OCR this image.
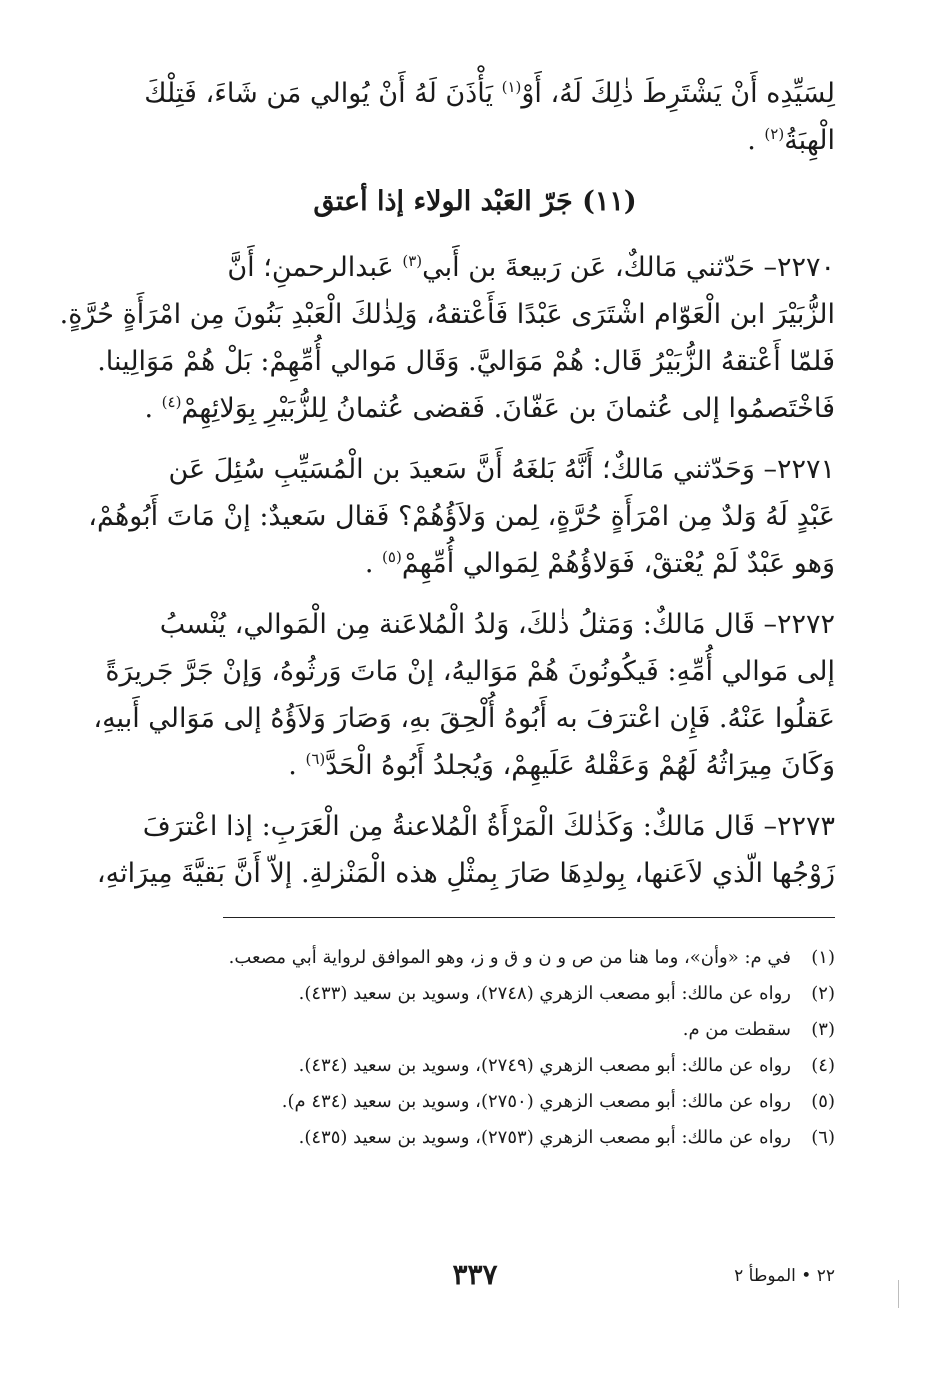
لِسَيِّدِه أَنْ يَشْتَرِطَ ذٰلِكَ لَهُ، أَوْ$^{(١)}$ يَأْذَنَ لَهُ أَنْ يُوالي مَن شَاءَ، فَتِلْكَ
الْهِبَةُ$^{(٢)}$ .

(١١) جَرّ العَبْد الولاء إذا أعتق

٢٢٧٠– حَدّثني مَالكٌ، عَن رَبيعةَ بن أَبي$^{(٣)}$ عَبدالرحمنِ؛ أَنَّ
الزُّبَيْرَ ابن الْعَوّام اشْتَرَى عَبْدًا فَأَعْتقهُ، وَلِذٰلكَ الْعَبْدِ بَنُونَ مِن امْرَأَةٍ حُرَّةٍ.
فَلمّا أَعْتقهُ الزُّبَيْرُ قَال: هُمْ مَوَاليَّ. وَقَال مَوالي أُمِّهِمْ: بَلْ هُمْ مَوَالِينا.
فَاخْتَصمُوا إلى عُثمانَ بن عَفّانَ. فَقضى عُثمانُ لِلزُّبَيْرِ بِوَلائِهِمْ$^{(٤)}$ .

٢٢٧١– وَحَدّثني مَالكٌ؛ أَنَّهُ بَلغَهُ أَنَّ سَعيدَ بن الْمُسَيِّبِ سُئِلَ عَن
عَبْدٍ لَهُ وَلدٌ مِن امْرَأَةٍ حُرَّةٍ، لِمن وَلاَؤُهُمْ؟ فَقال سَعيدٌ: إنْ مَاتَ أَبُوهُمْ،
وَهو عَبْدٌ لَمْ يُعْتقْ، فَوَلاؤُهُمْ لِمَوالي أُمِّهِمْ$^{(٥)}$ .

٢٢٧٢– قَال مَالكٌ: وَمَثلُ ذٰلكَ، وَلدُ الْمُلاعَنة مِن الْمَوالي، يُنْسبُ
إلى مَوالي أُمِّهِ: فَيكُونُونَ هُمْ مَوَاليهُ، إنْ مَاتَ وَرثُوهُ، وَإنْ جَرَّ جَريرَةً
عَقلُوا عَنْهُ. فَإِن اعْترَفَ به أَبُوهُ أُلْحِقَ بهِ، وَصَارَ وَلاَؤُهُ إلى مَوَالي أَبيهِ،
وَكَانَ مِيرَاثُهُ لَهُمْ وَعَقْلهُ عَلَيهِمْ، وَيُجلدُ أَبُوهُ الْحَدَّ$^{(٦)}$ .

٢٢٧٣– قَال مَالكٌ: وَكَذٰلكَ الْمَرْأَةُ الْمُلاعنةُ مِن الْعَرَبِ: إذا اعْترَفَ
زَوْجُها الّذي لاَعَنها، بِولدِهَا صَارَ بِمثْلِ هذه الْمَنْزلةِ. إلاّ أَنَّ بَقيَّةَ مِيرَاثهِ،

(١)
في م: «وأن»، وما هنا من ص و ن و ق و ز، وهو الموافق لرواية أبي مصعب.
(٢)
رواه عن مالك: أبو مصعب الزهري (٢٧٤٨)، وسويد بن سعيد (٤٣٣).
(٣)
سقطت من م.
(٤)
رواه عن مالك: أبو مصعب الزهري (٢٧٤٩)، وسويد بن سعيد (٤٣٤).
(٥)
رواه عن مالك: أبو مصعب الزهري (٢٧٥٠)، وسويد بن سعيد (٤٣٤ م).
(٦)
رواه عن مالك: أبو مصعب الزهري (٢٧٥٣)، وسويد بن سعيد (٤٣٥).
٢٢ • الموطأ ٢
٣٣٧
